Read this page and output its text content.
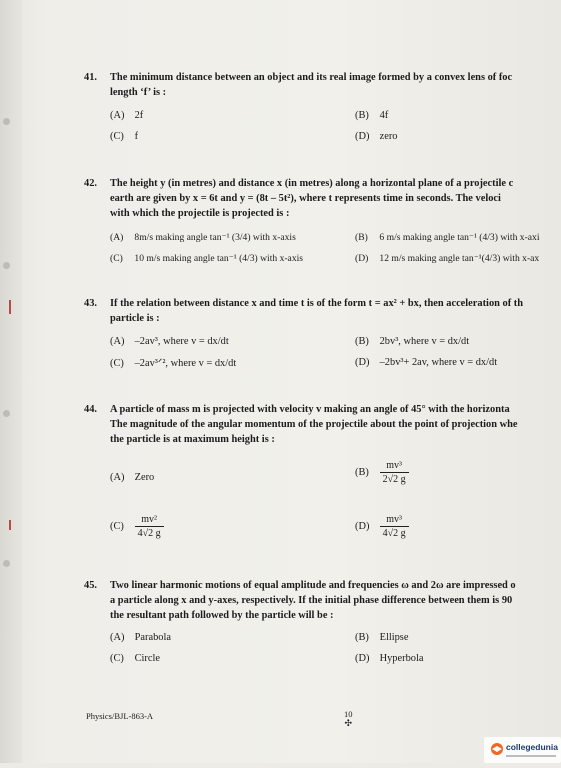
41. The minimum distance between an object and its real image formed by a convex lens of foc
length ‘f’ is :
(A) 2f	(B) 4f
(C) f	(D) zero
42. The height y (in metres) and distance x (in metres) along a horizontal plane of a projectile c
earth are given by x = 6t and y = (8t – 5t²), where t represents time in seconds. The veloci
with which the projectile is projected is :
(A) 8m/s making angle tan⁻¹ (3/4) with x-axis	(B) 6 m/s making angle tan⁻¹ (4/3) with x-axi
(C) 10 m/s making angle tan⁻¹ (4/3) with x-axis	(D) 12 m/s making angle tan⁻¹(4/3) with x-ax
43. If the relation between distance x and time t is of the form t = ax² + bx, then acceleration of th
particle is :
(A) –2av³, where v = dx/dt	(B) 2bv³, where v = dx/dt
(C) –2av³ᐟ², where v = dx/dt	(D) –2bv³+ 2av, where v = dx/dt
44. A particle of mass m is projected with velocity v making an angle of 45° with the horizonta
The magnitude of the angular momentum of the projectile about the point of projection whe
the particle is at maximum height is :
(A) Zero	$(B) \frac{\text{mv³}}{2√2 g}$
$(C) \frac{\text{mv²}}{4√2 g}$	$(D) \frac{\text{mv³}}{4√2 g}$
45. Two linear harmonic motions of equal amplitude and frequencies ω and 2ω are impressed o
a particle along x and y-axes, respectively. If the initial phase difference between them is 90
the resultant path followed by the particle will be :
(A) Parabola	(B) Ellipse
(C) Circle	(D) Hyperbola
Physics/BJL-863-A	10
✣
collegedunia
